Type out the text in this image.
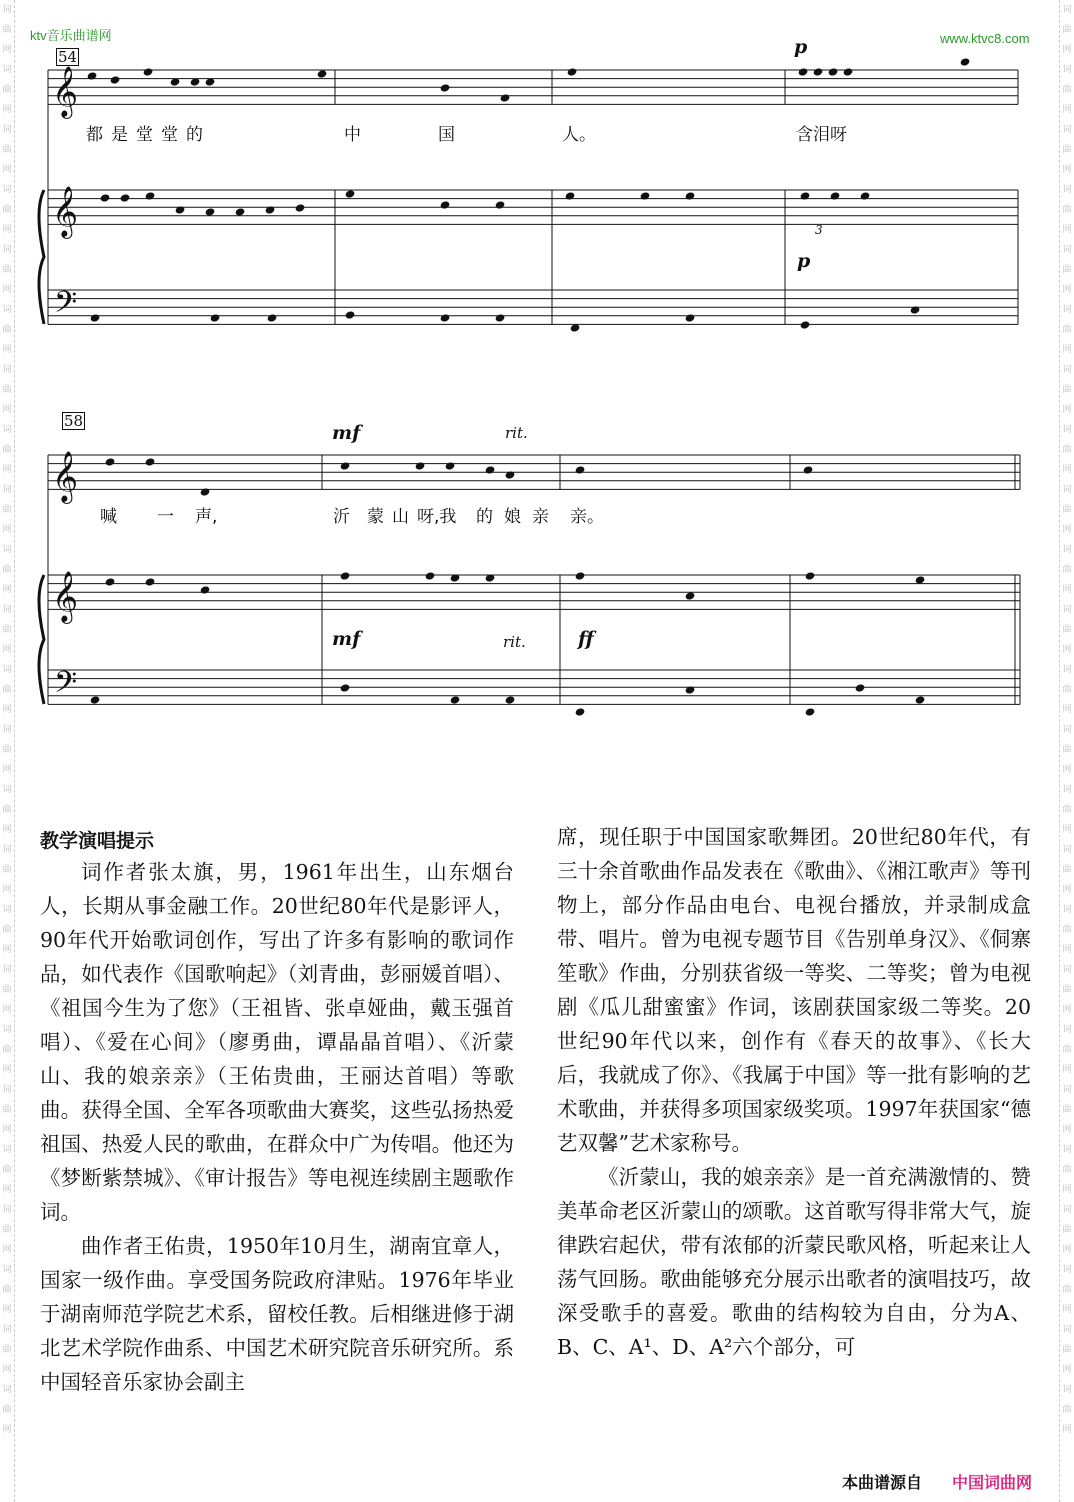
词
曲
网
词
曲
网
词
曲
网
词
曲
网
词
曲
网
词
曲
网
词
曲
网
词
曲
网
词
曲
网
词
曲
网
词
曲
网
词
曲
网
词
曲
网
词
曲
网
词
曲
网
词
曲
网
词
曲
网
词
曲
网
词
曲
网
词
曲
网
词
曲
网
词
曲
网
词
曲
网
词
曲
网

词
曲
网
词
曲
网
词
曲
网
词
曲
网
词
曲
网
词
曲
网
词
曲
网
词
曲
网
词
曲
网
词
曲
网
词
曲
网
词
曲
网
词
曲
网
词
曲
网
词
曲
网
词
曲
网
词
曲
网
词
曲
网
词
曲
网
词
曲
网
词
曲
网
词
曲
网
词
曲
网
词
曲
网

ktv音乐曲谱网	www.ktvc8.com
𝄞
𝄞
𝄢
𝄞
𝄞
𝄢
54	p
p
3
都是堂堂的	中	国	人。	含泪呀
58
mf	rit.
mf	rit.	ff
喊 一 声,	沂 蒙 山 呀,我 的 娘 亲 亲。
教学演唱提示

词作者张太旗，男，1961年出生，山东烟台人，长期从事金融工作。20世纪80年代是影评人，90年代开始歌词创作，写出了许多有影响的歌词作品，如代表作《国歌响起》（刘青曲，彭丽媛首唱）、《祖国今生为了您》（王祖皆、张卓娅曲，戴玉强首唱）、《爱在心间》（廖勇曲，谭晶晶首唱）、《沂蒙山、我的娘亲亲》（王佑贵曲，王丽达首唱）等歌曲。获得全国、全军各项歌曲大赛奖，这些弘扬热爱祖国、热爱人民的歌曲，在群众中广为传唱。他还为《梦断紫禁城》、《审计报告》等电视连续剧主题歌作词。

曲作者王佑贵，1950年10月生，湖南宜章人，国家一级作曲。享受国务院政府津贴。1976年毕业于湖南师范学院艺术系，留校任教。后相继进修于湖北艺术学院作曲系、中国艺术研究院音乐研究所。系中国轻音乐家协会副主

席，现任职于中国国家歌舞团。20世纪80年代，有三十余首歌曲作品发表在《歌曲》、《湘江歌声》等刊物上，部分作品由电台、电视台播放，并录制成盒带、唱片。曾为电视专题节目《告别单身汉》、《侗寨笙歌》作曲，分别获省级一等奖、二等奖；曾为电视剧《瓜儿甜蜜蜜》作词，该剧获国家级二等奖。20世纪90年代以来，创作有《春天的故事》、《长大后，我就成了你》、《我属于中国》等一批有影响的艺术歌曲，并获得多项国家级奖项。1997年获国家“德艺双馨”艺术家称号。

《沂蒙山，我的娘亲亲》是一首充满激情的、赞美革命老区沂蒙山的颂歌。这首歌写得非常大气，旋律跌宕起伏，带有浓郁的沂蒙民歌风格，听起来让人荡气回肠。歌曲能够充分展示出歌者的演唱技巧，故深受歌手的喜爱。歌曲的结构较为自由，分为A、B、C、A¹、D、A²六个部分，可

本曲谱源自 中国词曲网
